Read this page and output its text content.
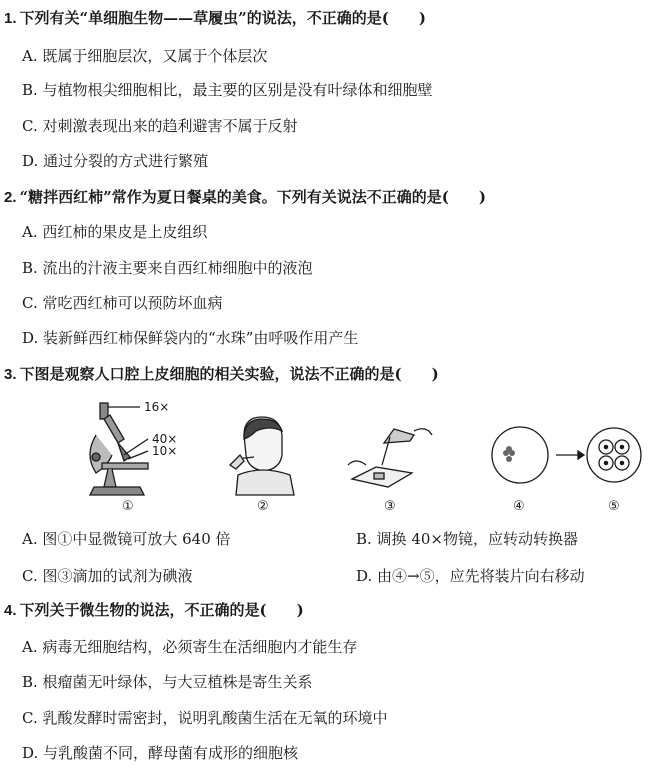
1. 下列有关“单细胞生物——草履虫”的说法，不正确的是(　　)
A. 既属于细胞层次，又属于个体层次
B. 与植物根尖细胞相比，最主要的区别是没有叶绿体和细胞壁
C. 对刺激表现出来的趋利避害不属于反射
D. 通过分裂的方式进行繁殖
2. “糖拌西红柿”常作为夏日餐桌的美食。下列有关说法不正确的是(　　)
A. 西红柿的果皮是上皮组织
B. 流出的汁液主要来自西红柿细胞中的液泡
C. 常吃西红柿可以预防坏血病
D. 装新鲜西红柿保鲜袋内的“水珠”由呼吸作用产生
3. 下图是观察人口腔上皮细胞的相关实验，说法不正确的是(　　)
16×
40×
10×
①	②	③	④	⑤
A. 图①中显微镜可放大 640 倍	B. 调换 40×物镜，应转动转换器
C. 图③滴加的试剂为碘液	D. 由④→⑤，应先将装片向右移动
4. 下列关于微生物的说法，不正确的是(　　)
A. 病毒无细胞结构，必须寄生在活细胞内才能生存
B. 根瘤菌无叶绿体，与大豆植株是寄生关系
C. 乳酸发酵时需密封，说明乳酸菌生活在无氧的环境中
D. 与乳酸菌不同，酵母菌有成形的细胞核
